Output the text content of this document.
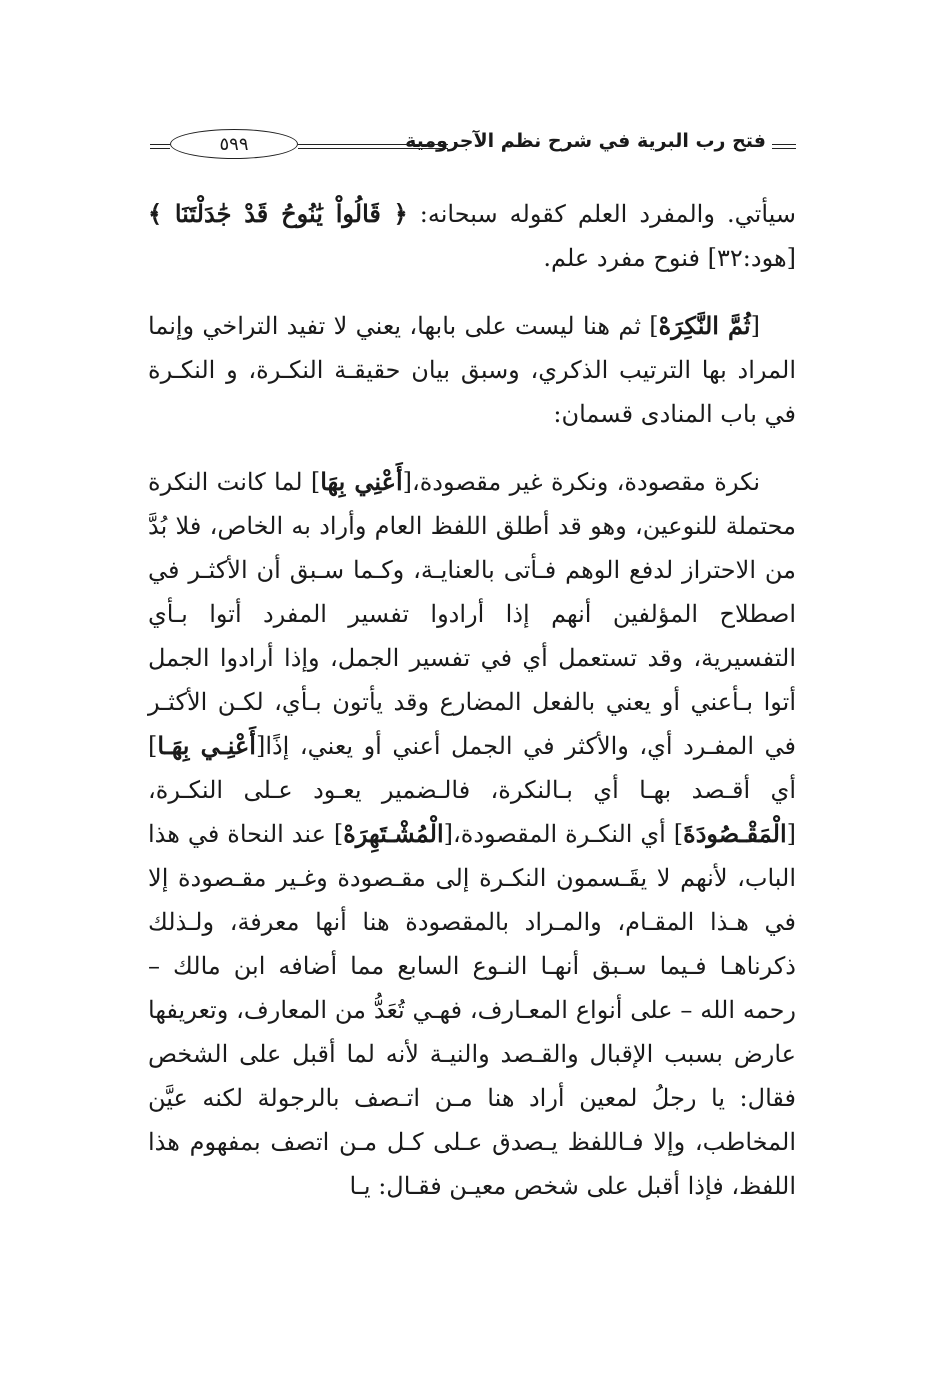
فتح رب البرية في شرح نظم الآجرومية
٥٩٩

سيأتي. والمفرد العلم كقوله سبحانه: ﴿ قَالُواْ يَٰنُوحُ قَدْ جَٰدَلْتَنَا ﴾ [هود:٣٢] فنوح مفرد علم.

[ثُمَّ النَّكِرَهْ] ثم هنا ليست على بابها، يعني لا تفيد التراخي وإنما المراد بها الترتيب الذكري، وسبق بيان حقيقـة النكـرة، و النكـرة في باب المنادى قسمان:

نكرة مقصودة، ونكرة غير مقصودة،[أَعْنِي بِهَا] لما كانت النكرة محتملة للنوعين، وهو قد أطلق اللفظ العام وأراد به الخاص، فلا بُدَّ من الاحتراز لدفع الوهم فـأتى بالعنايـة، وكـما سـبق أن الأكثـر في اصطلاح المؤلفين أنهم إذا أرادوا تفسير المفرد أتوا بـأي التفسيرية، وقد تستعمل أي في تفسير الجمل، وإذا أرادوا الجمل أتوا بـأعني أو يعني بالفعل المضارع وقد يأتون بـأي، لكـن الأكثـر في المفـرد أي، والأكثر في الجمل أعني أو يعني، إذًا[أَعْنِـي بِهَـا] أي أقـصد بهـا أي بـالنكرة، فالـضمير يعـود عـلى النكـرة،[الْمَقْـصُودَةَ] أي النكـرة المقصودة،[الْمُشْـتَهِرَهْ] عند النحاة في هذا الباب، لأنهم لا يقَـسمون النكـرة إلى مقـصودة وغـير مقـصودة إلا في هـذا المقـام، والمـراد بالمقصودة هنا أنها معرفة، ولـذلك ذكرناهـا فـيما سـبق أنهـا النـوع السابع مما أضافه ابن مالك – رحمه الله – على أنواع المعـارف، فهـي تُعَدُّ من المعارف، وتعريفها عارض بسبب الإقبال والقـصد والنيـة لأنه لما أقبل على الشخص فقال: يا رجلُ لمعين أراد هنا مـن اتـصف بالرجولة لكنه عيَّن المخاطب، وإلا فـاللفظ يـصدق عـلى كـل مـن اتصف بمفهوم هذا اللفظ، فإذا أقبل على شخص معيـن فقـال: يـا
